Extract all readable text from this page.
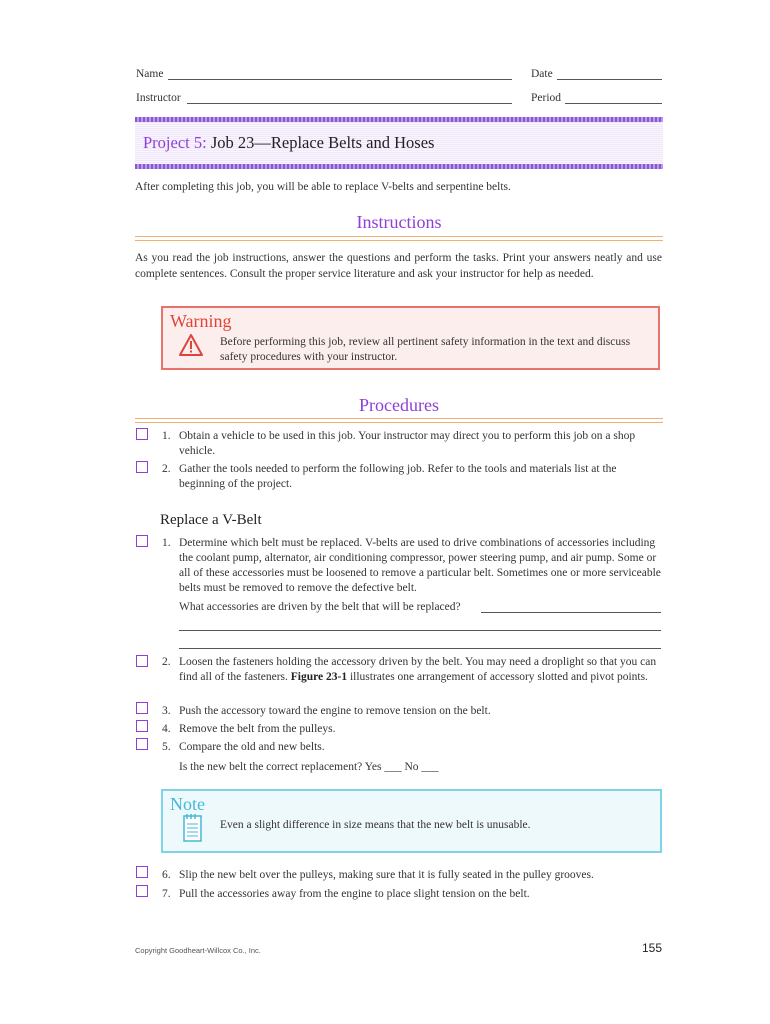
Name	Date
Instructor	Period
Project 5: Job 23—Replace Belts and Hoses
After completing this job, you will be able to replace V-belts and serpentine belts.
Instructions
As you read the job instructions, answer the questions and perform the tasks. Print your answers neatly and use complete sentences. Consult the proper service literature and ask your instructor for help as needed.
Warning
Before performing this job, review all pertinent safety information in the text and discuss safety procedures with your instructor.
Procedures
1. Obtain a vehicle to be used in this job. Your instructor may direct you to perform this job on a shop vehicle.
2. Gather the tools needed to perform the following job. Refer to the tools and materials list at the beginning of the project.
Replace a V-Belt
1. Determine which belt must be replaced. V-belts are used to drive combinations of accessories including the coolant pump, alternator, air conditioning compressor, power steering pump, and air pump. Some or all of these accessories must be loosened to remove a particular belt. Sometimes one or more serviceable belts must be removed to remove the defective belt.
What accessories are driven by the belt that will be replaced?
2. Loosen the fasteners holding the accessory driven by the belt. You may need a droplight so that you can find all of the fasteners. Figure 23-1 illustrates one arrangement of accessory slotted and pivot points.
3. Push the accessory toward the engine to remove tension on the belt.
4. Remove the belt from the pulleys.
5. Compare the old and new belts.
Is the new belt the correct replacement? Yes ___ No ___
Note
Even a slight difference in size means that the new belt is unusable.
6. Slip the new belt over the pulleys, making sure that it is fully seated in the pulley grooves.
7. Pull the accessories away from the engine to place slight tension on the belt.
Copyright Goodheart-Willcox Co., Inc.	155
